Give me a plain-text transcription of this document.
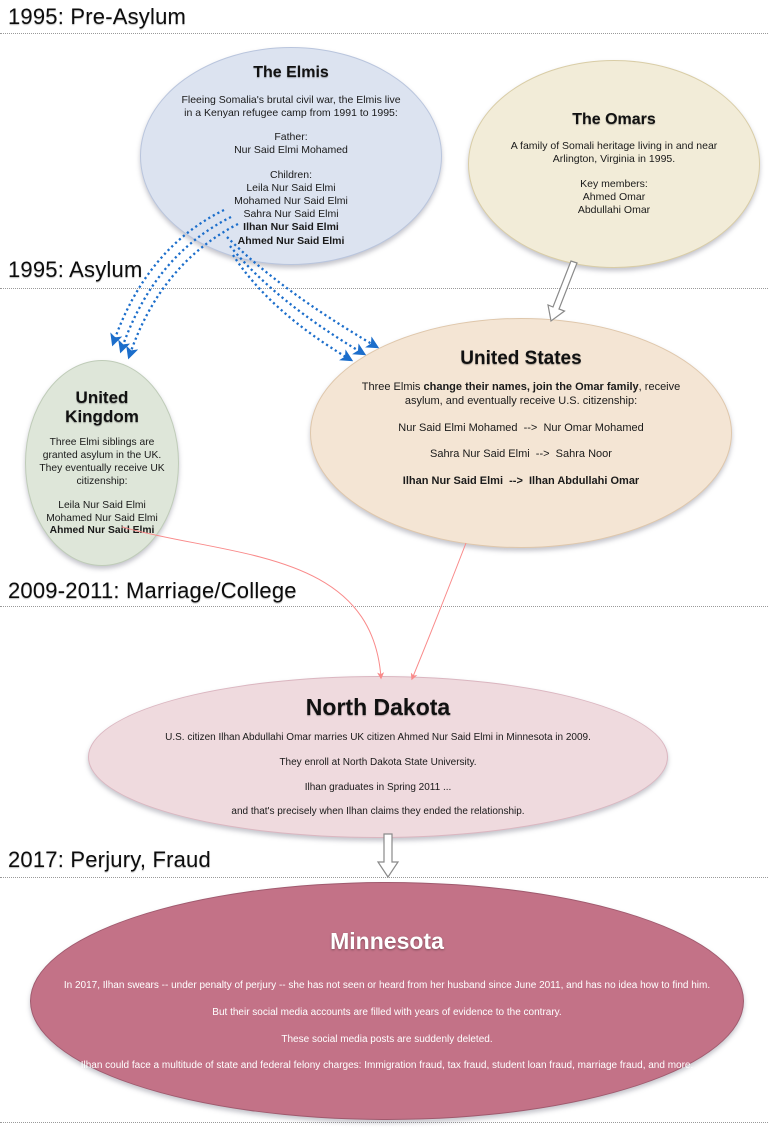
1995: Pre-Asylum
1995: Asylum
2009-2011: Marriage/College
2017: Perjury, Fraud

The Elmis

Fleeing Somalia's brutal civil war, the Elmis live in a Kenyan refugee camp from 1991 to 1995:

Father:

Nur Said Elmi Mohamed

Children:

Leila Nur Said Elmi

Mohamed Nur Said Elmi

Sahra Nur Said Elmi

Ilhan Nur Said Elmi

Ahmed Nur Said Elmi

The Omars

A family of Somali heritage living in and near Arlington, Virginia in 1995.

Key members:

Ahmed Omar

Abdullahi Omar

United Kingdom

Three Elmi siblings are granted asylum in the UK. They eventually receive UK citizenship:

Leila Nur Said Elmi

Mohamed Nur Said Elmi

Ahmed Nur Said Elmi

United States

Three Elmis change their names, join the Omar family, receive asylum, and eventually receive U.S. citizenship:

Nur Said Elmi Mohamed  -->  Nur Omar Mohamed

Sahra Nur Said Elmi  -->  Sahra Noor

Ilhan Nur Said Elmi  -->  Ilhan Abdullahi Omar

North Dakota

U.S. citizen Ilhan Abdullahi Omar marries UK citizen Ahmed Nur Said Elmi in Minnesota in 2009.

They enroll at North Dakota State University.

Ilhan graduates in Spring 2011 ...

and that's precisely when Ilhan claims they ended the relationship.

Minnesota

In 2017, Ilhan swears -- under penalty of perjury -- she has not seen or heard from her husband since June 2011, and has no idea how to find him.

But their social media accounts are filled with years of evidence to the contrary.

These social media posts are suddenly deleted.

Ilhan could face a multitude of state and federal felony charges: Immigration fraud, tax fraud, student loan fraud, marriage fraud, and more.
